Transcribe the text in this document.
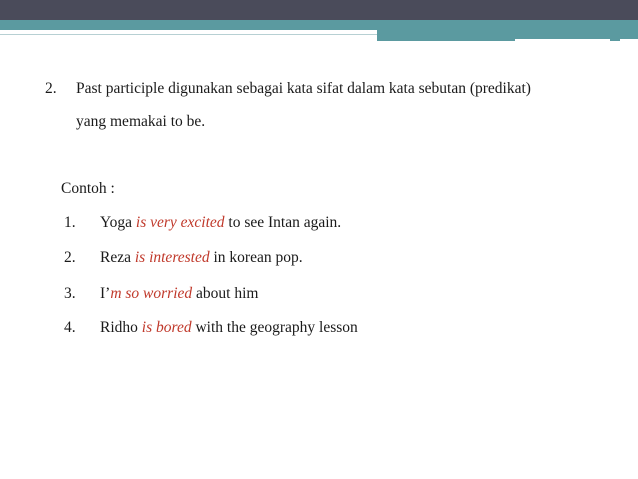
2. Past participle digunakan sebagai kata sifat dalam kata sebutan (predikat)
yang memakai to be.
Contoh :
1. Yoga is very excited to see Intan again.
2. Reza is interested in korean pop.
3. I’m so worried about him
4. Ridho is bored with the geography lesson
